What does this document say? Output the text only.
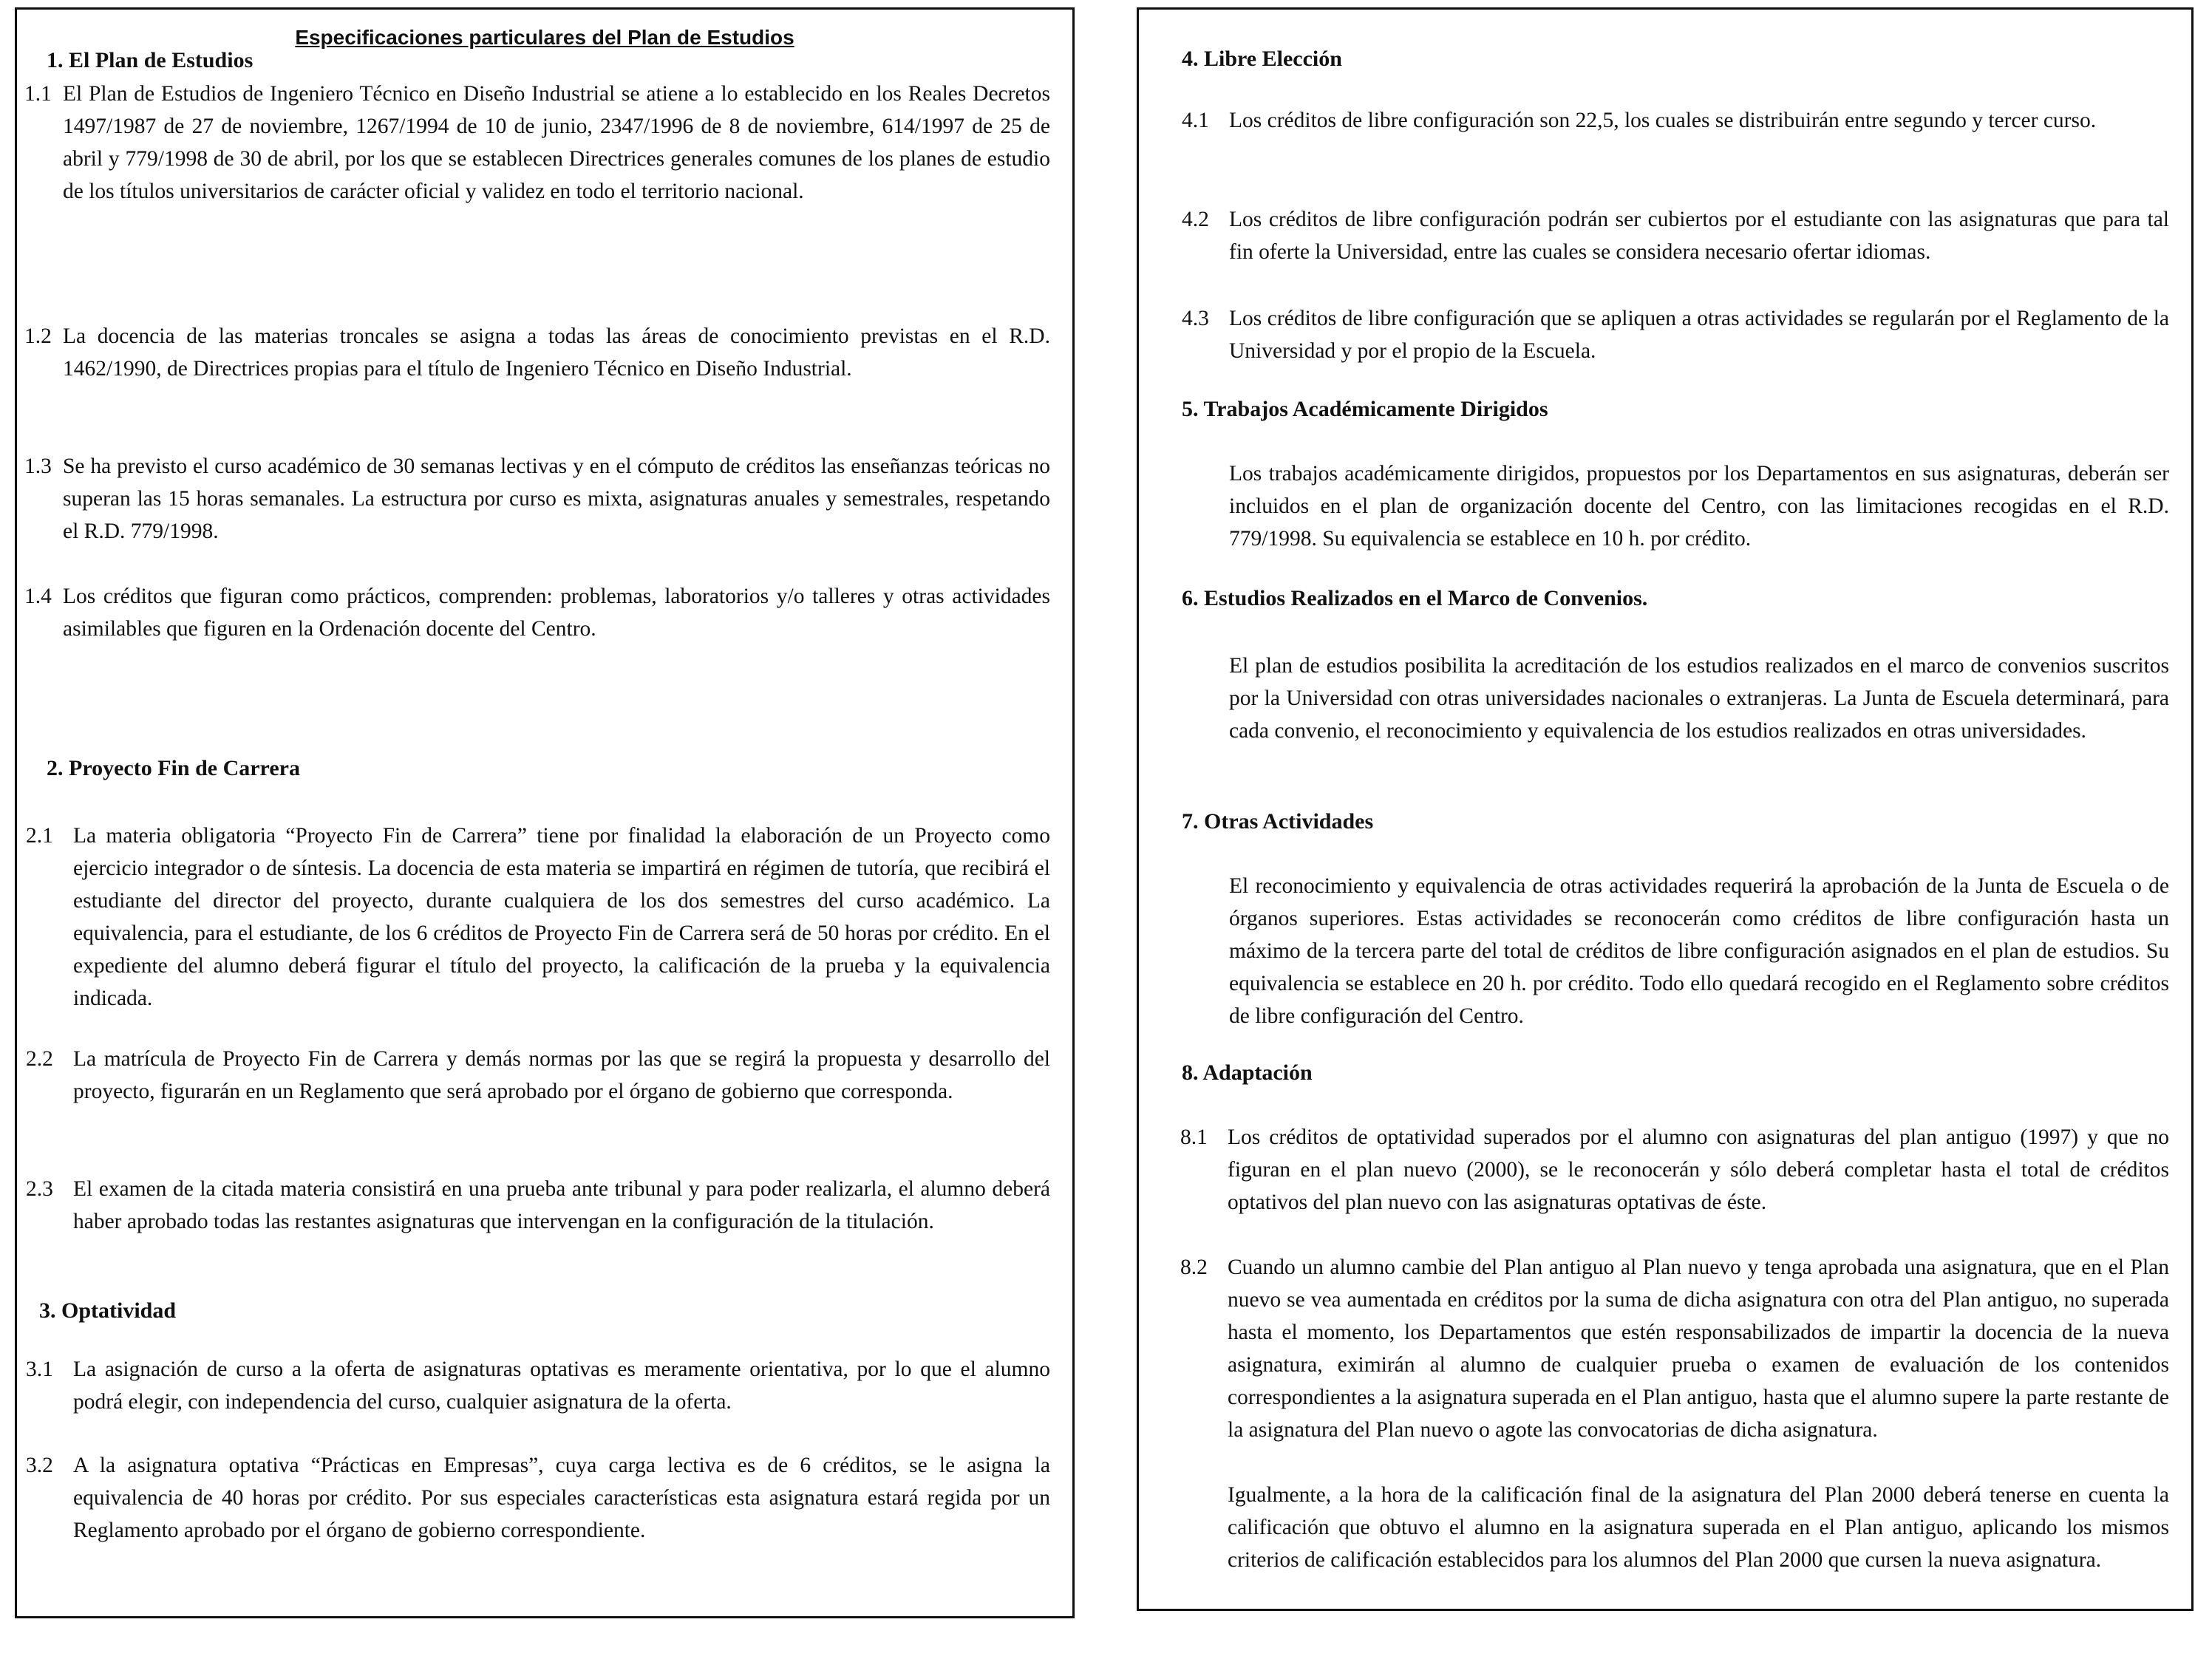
Especificaciones particulares del Plan de Estudios
1. El Plan de Estudios
1.1 El Plan de Estudios de Ingeniero Técnico en Diseño Industrial se atiene a lo establecido en los Reales Decretos 1497/1987 de 27 de noviembre, 1267/1994 de 10 de junio, 2347/1996 de 8 de noviembre, 614/1997 de 25 de abril y 779/1998 de 30 de abril, por los que se establecen Directrices generales comunes de los planes de estudio de los títulos universitarios de carácter oficial y validez en todo el territorio nacional.
1.2 La docencia de las materias troncales se asigna a todas las áreas de conocimiento previstas en el R.D. 1462/1990, de Directrices propias para el título de Ingeniero Técnico en Diseño Industrial.
1.3 Se ha previsto el curso académico de 30 semanas lectivas y en el cómputo de créditos las enseñanzas teóricas no superan las 15 horas semanales. La estructura por curso es mixta, asignaturas anuales y semestrales, respetando el R.D. 779/1998.
1.4 Los créditos que figuran como prácticos, comprenden: problemas, laboratorios y/o talleres y otras actividades asimilables que figuren en la Ordenación docente del Centro.
2. Proyecto Fin de Carrera
2.1 La materia obligatoria “Proyecto Fin de Carrera” tiene por finalidad la elaboración de un Proyecto como ejercicio integrador o de síntesis. La docencia de esta materia se impartirá en régimen de tutoría, que recibirá el estudiante del director del proyecto, durante cualquiera de los dos semestres del curso académico. La equivalencia, para el estudiante, de los 6 créditos de Proyecto Fin de Carrera será de 50 horas por crédito. En el expediente del alumno deberá figurar el título del proyecto, la calificación de la prueba y la equivalencia indicada.
2.2 La matrícula de Proyecto Fin de Carrera y demás normas por las que se regirá la propuesta y desarrollo del proyecto, figurarán en un Reglamento que será aprobado por el órgano de gobierno que corresponda.
2.3 El examen de la citada materia consistirá en una prueba ante tribunal y para poder realizarla, el alumno deberá haber aprobado todas las restantes asignaturas que intervengan en la configuración de la titulación.
3. Optatividad
3.1 La asignación de curso a la oferta de asignaturas optativas es meramente orientativa, por lo que el alumno podrá elegir, con independencia del curso, cualquier asignatura de la oferta.
3.2 A la asignatura optativa “Prácticas en Empresas”, cuya carga lectiva es de 6 créditos, se le asigna la equivalencia de 40 horas por crédito. Por sus especiales características esta asignatura estará regida por un Reglamento aprobado por el órgano de gobierno correspondiente.
4. Libre Elección
4.1 Los créditos de libre configuración son 22,5, los cuales se distribuirán entre segundo y tercer curso.
4.2 Los créditos de libre configuración podrán ser cubiertos por el estudiante con las asignaturas que para tal fin oferte la Universidad, entre las cuales se considera necesario ofertar idiomas.
4.3 Los créditos de libre configuración que se apliquen a otras actividades se regularán por el Reglamento de la Universidad y por el propio de la Escuela.
5. Trabajos Académicamente Dirigidos
Los trabajos académicamente dirigidos, propuestos por los Departamentos en sus asignaturas, deberán ser incluidos en el plan de organización docente del Centro, con las limitaciones recogidas en el R.D. 779/1998. Su equivalencia se establece en 10 h. por crédito.
6. Estudios Realizados en el Marco de Convenios.
El plan de estudios posibilita la acreditación de los estudios realizados en el marco de convenios suscritos por la Universidad con otras universidades nacionales o extranjeras. La Junta de Escuela determinará, para cada convenio, el reconocimiento y equivalencia de los estudios realizados en otras universidades.
7. Otras Actividades
El reconocimiento y equivalencia de otras actividades requerirá la aprobación de la Junta de Escuela o de órganos superiores. Estas actividades se reconocerán como créditos de libre configuración hasta un máximo de la tercera parte del total de créditos de libre configuración asignados en el plan de estudios. Su equivalencia se establece en 20 h. por crédito. Todo ello quedará recogido en el Reglamento sobre créditos de libre configuración del Centro.
8. Adaptación
8.1 Los créditos de optatividad superados por el alumno con asignaturas del plan antiguo (1997) y que no figuran en el plan nuevo (2000), se le reconocerán y sólo deberá completar hasta el total de créditos optativos del plan nuevo con las asignaturas optativas de éste.
8.2 Cuando un alumno cambie del Plan antiguo al Plan nuevo y tenga aprobada una asignatura, que en el Plan nuevo se vea aumentada en créditos por la suma de dicha asignatura con otra del Plan antiguo, no superada hasta el momento, los Departamentos que estén responsabilizados de impartir la docencia de la nueva asignatura, eximirán al alumno de cualquier prueba o examen de evaluación de los contenidos correspondientes a la asignatura superada en el Plan antiguo, hasta que el alumno supere la parte restante de la asignatura del Plan nuevo o agote las convocatorias de dicha asignatura.
Igualmente, a la hora de la calificación final de la asignatura del Plan 2000 deberá tenerse en cuenta la calificación que obtuvo el alumno en la asignatura superada en el Plan antiguo, aplicando los mismos criterios de calificación establecidos para los alumnos del Plan 2000 que cursen la nueva asignatura.
